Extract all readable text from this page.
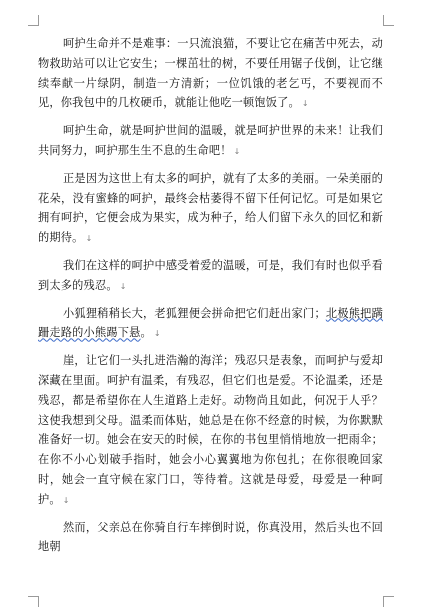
呵护生命并不是难事：一只流浪猫，不要让它在痛苦中死去，动物救助站可以让它安生；一棵茁壮的树，不要任用锯子伐倒，让它继续奉献一片绿阴，制造一方清新；一位饥饿的老乞丐，不要视而不见，你我包中的几枚硬币，就能让他吃一顿饱饭了。 ↓

呵护生命，就是呵护世间的温暖，就是呵护世界的未来！让我们共同努力，呵护那生生不息的生命吧！ ↓

正是因为这世上有太多的呵护，就有了太多的美丽。一朵美丽的花朵，没有蜜蜂的呵护，最终会枯萎得不留下任何记忆。可是如果它拥有呵护，它便会成为果实，成为种子，给人们留下永久的回忆和新的期待。 ↓

我们在这样的呵护中感受着爱的温暖，可是，我们有时也似乎看到太多的残忍。 ↓

小狐狸稍稍长大，老狐狸便会拼命把它们赶出家门；北极熊把蹒跚走路的小熊踢下悬。 ↓

崖，让它们一头扎进浩瀚的海洋；残忍只是表象，而呵护与爱却深藏在里面。呵护有温柔，有残忍，但它们也是爱。不论温柔，还是残忍，都是希望你在人生道路上走好。动物尚且如此，何况于人乎？这使我想到父母。温柔而体贴，她总是在你不经意的时候，为你默默准备好一切。她会在安天的时候，在你的书包里悄悄地放一把雨伞；在你不小心划破手指时，她会小心翼翼地为你包扎；在你很晚回家时，她会一直守候在家门口，等待着。这就是母爱，母爱是一种呵护。 ↓

然而，父亲总在你骑自行车摔倒时说，你真没用，然后头也不回地朝
